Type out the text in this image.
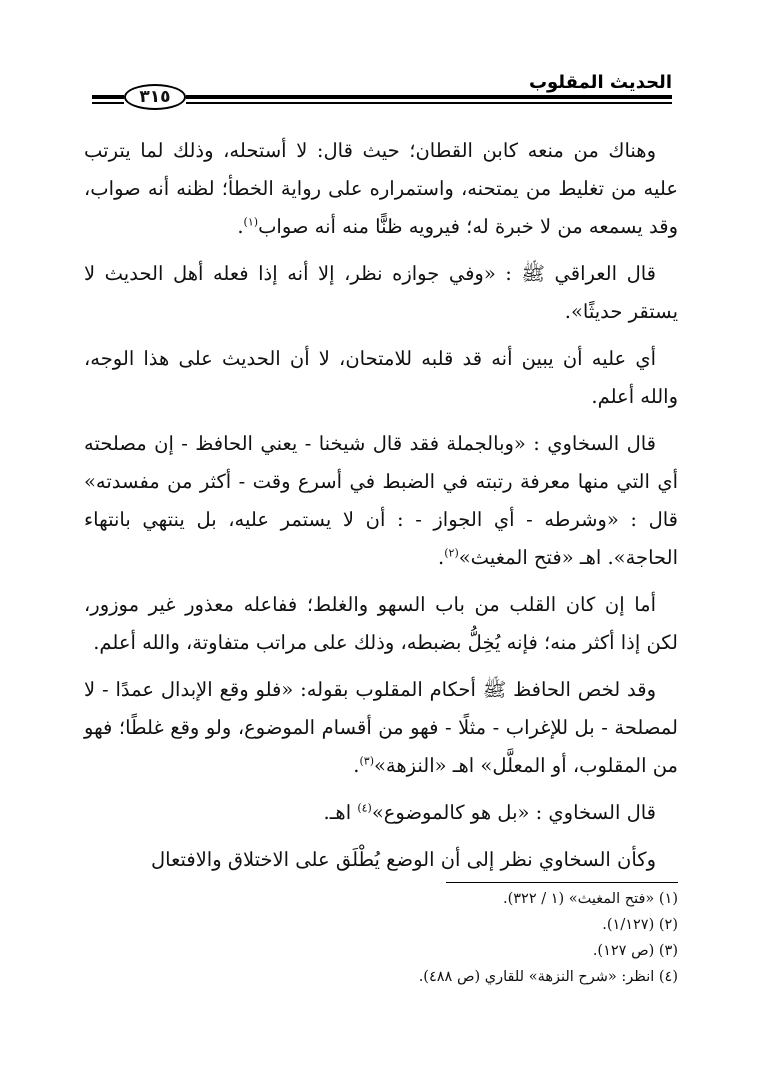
٣١٥
الحديث المقلوب

وهناك من منعه كابن القطان؛ حيث قال: لا أستحله، وذلك لما يترتب عليه من تغليط من يمتحنه، واستمراره على رواية الخطأ؛ لظنه أنه صواب، وقد يسمعه من لا خبرة له؛ فيرويه ظنًّا منه أنه صواب$^{(١)}$.

قال العراقي ﷺ : «وفي جوازه نظر، إلا أنه إذا فعله أهل الحديث لا يستقر حديثًا».

أي عليه أن يبين أنه قد قلبه للامتحان، لا أن الحديث على هذا الوجه، والله أعلم.

قال السخاوي : «وبالجملة فقد قال شيخنا - يعني الحافظ - إن مصلحته أي التي منها معرفة رتبته في الضبط في أسرع وقت - أكثر من مفسدته» قال : «وشرطه - أي الجواز - : أن لا يستمر عليه، بل ينتهي بانتهاء الحاجة». اهـ «فتح المغيث»$^{(٢)}$.

أما إن كان القلب من باب السهو والغلط؛ ففاعله معذور غير موزور، لكن إذا أكثر منه؛ فإنه يُخِلُّ بضبطه، وذلك على مراتب متفاوتة، والله أعلم.

وقد لخص الحافظ ﷺ أحكام المقلوب بقوله: «فلو وقع الإبدال عمدًا - لا لمصلحة - بل للإغراب - مثلًا - فهو من أقسام الموضوع، ولو وقع غلطًا؛ فهو من المقلوب، أو المعلَّل» اهـ «النزهة»$^{(٣)}$.

قال السخاوي : «بل هو كالموضوع»$^{(٤)}$ اهـ.

وكأن السخاوي نظر إلى أن الوضع يُطْلَق على الاختلاق والافتعال

(١) «فتح المغيث» (١ / ٣٢٢).
(٢) (١/١٢٧).
(٣) (ص ١٢٧).
(٤) انظر: «شرح النزهة» للقاري (ص ٤٨٨).
